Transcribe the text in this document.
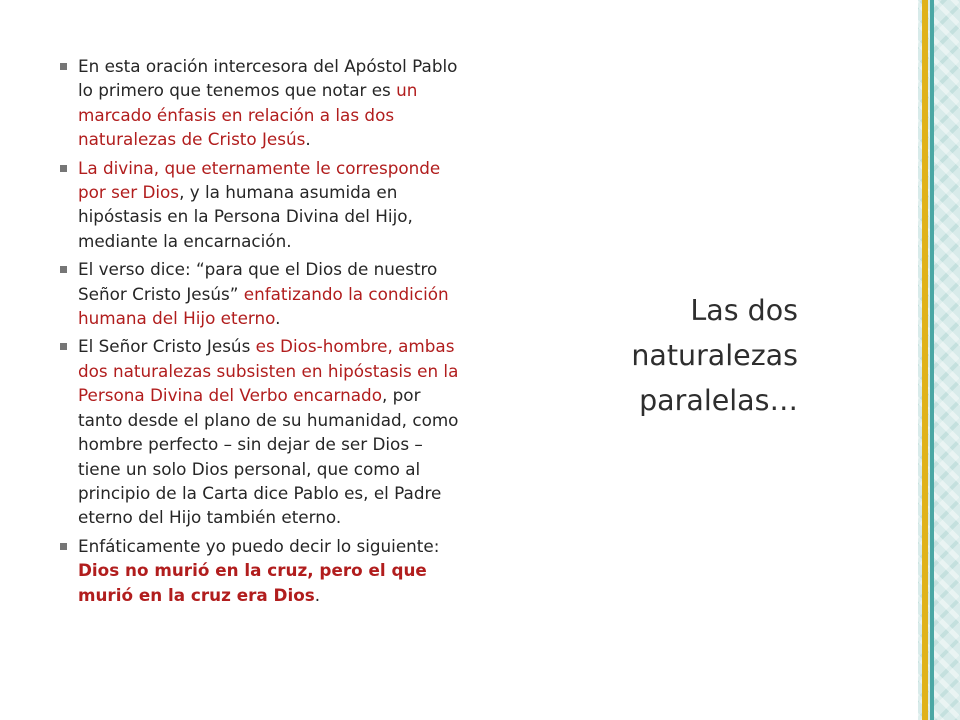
En esta oración intercesora del Apóstol Pablo lo primero que tenemos que notar es un marcado énfasis en relación a las dos naturalezas de Cristo Jesús.
La divina, que eternamente le corresponde por ser Dios, y la humana asumida en hipóstasis en la Persona Divina del Hijo, mediante la encarnación.
El verso dice: “para que el Dios de nuestro Señor Cristo Jesús” enfatizando la condición humana del Hijo eterno.
El Señor Cristo Jesús es Dios-hombre, ambas dos naturalezas subsisten en hipóstasis en la Persona Divina del Verbo encarnado, por tanto desde el plano de su humanidad, como hombre perfecto – sin dejar de ser Dios – tiene un solo Dios personal, que como al principio de la Carta dice Pablo es, el Padre eterno del Hijo también eterno.
Enfáticamente yo puedo decir lo siguiente: Dios no murió en la cruz, pero el que murió en la cruz era Dios.
Las dos
naturalezas
paralelas…
